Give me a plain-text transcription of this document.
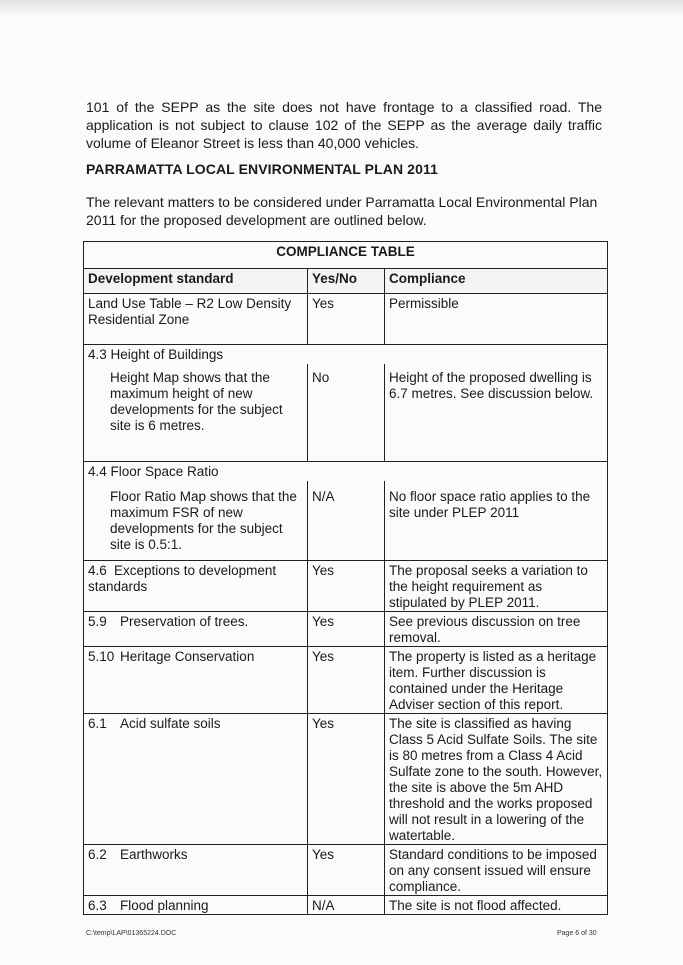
101 of the SEPP as the site does not have frontage to a classified road. The application is not subject to clause 102 of the SEPP as the average daily traffic volume of Eleanor Street is less than 40,000 vehicles.

PARRAMATTA LOCAL ENVIRONMENTAL PLAN 2011

The relevant matters to be considered under Parramatta Local Environmental Plan 2011 for the proposed development are outlined below.

COMPLIANCE TABLE		
Development standard	Yes/No	Compliance
Land Use Table – R2 Low Density Residential Zone	Yes	Permissible
4.3 Height of Buildings		

Height Map shows that the maximum height of new developments for the subject site is 6 metres.	No	Height of the proposed dwelling is 6.7 metres. See discussion below.

4.4 Floor Space Ratio		

Floor Ratio Map shows that the maximum FSR of new developments for the subject site is 0.5:1.	N/A	No floor space ratio applies to the site under PLEP 2011

4.6 Exceptions to development standards	Yes	The proposal seeks a variation to the height requirement as stipulated by PLEP 2011.
5.9 Preservation of trees.	Yes	See previous discussion on tree removal.
5.10 Heritage Conservation	Yes	The property is listed as a heritage item. Further discussion is contained under the Heritage Adviser section of this report.
6.1 Acid sulfate soils	Yes	The site is classified as having Class 5 Acid Sulfate Soils. The site is 80 metres from a Class 4 Acid Sulfate zone to the south. However, the site is above the 5m AHD threshold and the works proposed will not result in a lowering of the watertable.
6.2 Earthworks	Yes	Standard conditions to be imposed on any consent issued will ensure compliance.
6.3 Flood planning	N/A	The site is not flood affected.
C:\temp\LAP\01365224.DOC	Page 6 of 30
